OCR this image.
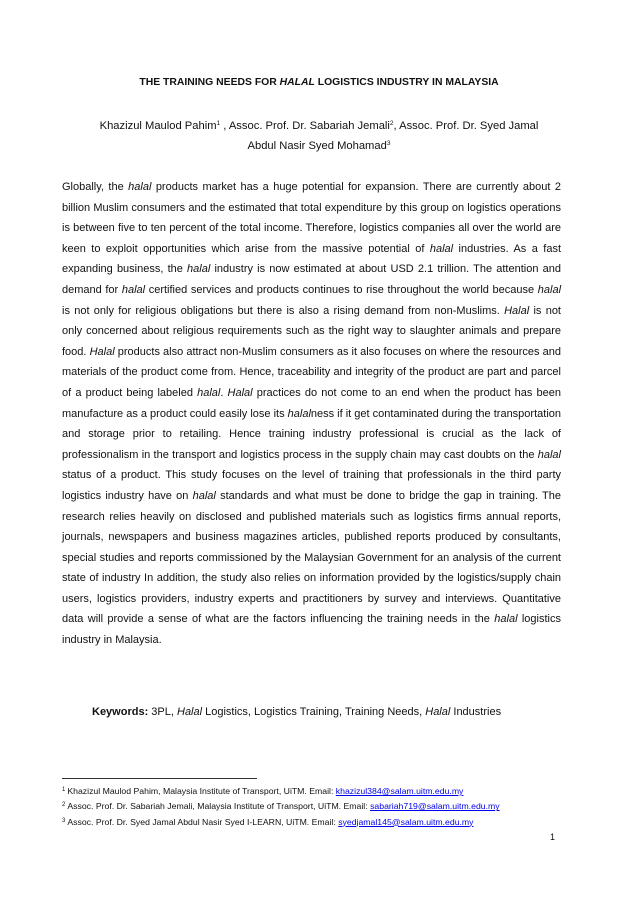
THE TRAINING NEEDS FOR HALAL LOGISTICS INDUSTRY IN MALAYSIA
Khazizul Maulod Pahim$^1$ , Assoc. Prof. Dr. Sabariah Jemali$^2$, Assoc. Prof. Dr. Syed Jamal
Abdul Nasir Syed Mohamad$^3$

Globally, the halal products market has a huge potential for expansion. There are currently about 2 billion Muslim consumers and the estimated that total expenditure by this group on logistics operations is between five to ten percent of the total income. Therefore, logistics companies all over the world are keen to exploit opportunities which arise from the massive potential of halal industries. As a fast expanding business, the halal industry is now estimated at about USD 2.1 trillion. The attention and demand for halal certified services and products continues to rise throughout the world because halal is not only for religious obligations but there is also a rising demand from non-Muslims. Halal is not only concerned about religious requirements such as the right way to slaughter animals and prepare food. Halal products also attract non-Muslim consumers as it also focuses on where the resources and materials of the product come from. Hence, traceability and integrity of the product are part and parcel of a product being labeled halal. Halal practices do not come to an end when the product has been manufacture as a product could easily lose its halalness if it get contaminated during the transportation and storage prior to retailing. Hence training industry professional is crucial as the lack of professionalism in the transport and logistics process in the supply chain may cast doubts on the halal status of a product. This study focuses on the level of training that professionals in the third party logistics industry have on halal standards and what must be done to bridge the gap in training. The research relies heavily on disclosed and published materials such as logistics firms annual reports, journals, newspapers and business magazines articles, published reports produced by consultants, special studies and reports commissioned by the Malaysian Government for an analysis of the current state of industry In addition, the study also relies on information provided by the logistics/supply chain users, logistics providers, industry experts and practitioners by survey and interviews. Quantitative data will provide a sense of what are the factors influencing the training needs in the halal logistics industry in Malaysia.

Keywords: 3PL, Halal Logistics, Logistics Training, Training Needs, Halal Industries
$^1$ Khazizul Maulod Pahim, Malaysia Institute of Transport, UiTM. Email: khazizul384@salam.uitm.edu.my
$^2$ Assoc. Prof. Dr. Sabariah Jemali, Malaysia Institute of Transport, UiTM. Email: sabariah719@salam.uitm.edu.my
$^3$ Assoc. Prof. Dr. Syed Jamal Abdul Nasir Syed I-LEARN, UiTM. Email: syedjamal145@salam.uitm.edu.my
1
